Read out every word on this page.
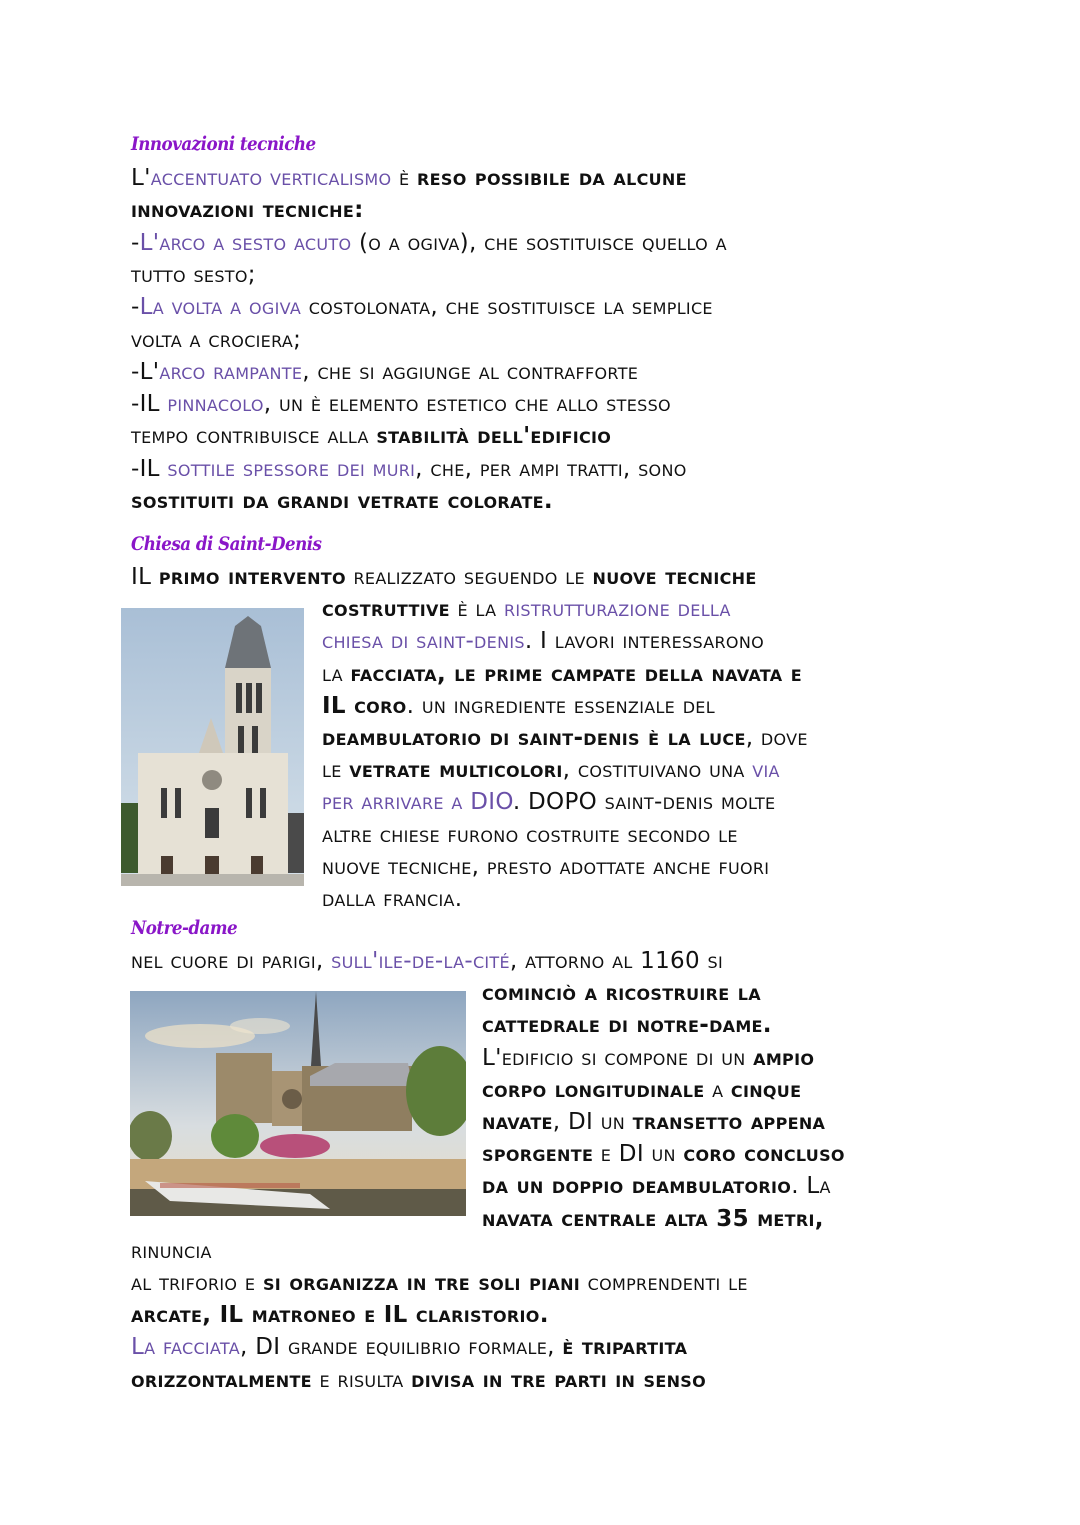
Innovazioni tecniche
Chiesa di Saint-Denis
Notre-dame
L'accentuato verticalismo è reso possibile da alcune
innovazioni tecniche:
-L'arco a sesto acuto (o a ogiva), che sostituisce quello a
tutto sesto;
-La volta a ogiva costolonata, che sostituisce la semplice
volta a crociera;
-L'arco rampante, che si aggiunge al contrafforte
-IL pinnacolo, un è elemento estetico che allo stesso
tempo contribuisce alla stabilità dell'edificio
-IL sottile spessore dei muri, che, per ampi tratti, sono
sostituiti da grandi vetrate colorate.
IL primo intervento realizzato seguendo le nuove tecniche
costruttive è la ristrutturazione della
chiesa di saint-denis. I lavori interessarono
la facciata, le prime campate della navata e
IL coro. un ingrediente essenziale del
deambulatorio di saint-denis è la luce, dove
le vetrate multicolori, costituivano una via
per arrivare a DIO. DOPO saint-denis molte
altre chiese furono costruite secondo le
nuove tecniche, presto adottate anche fuori
dalla francia.
nel cuore di parigi, sull'ile-de-la-cité, attorno al 1160 si
cominciò a ricostruire la
cattedrale di notre-dame.
L'edificio si compone di un ampio
corpo longitudinale a cinque
navate, DI un transetto appena
sporgente e DI un coro concluso
da un doppio deambulatorio. La
navata centrale alta 35 metri,
rinuncia
al triforio e si organizza in tre soli piani comprendenti le
arcate, IL matroneo e IL claristorio.
La facciata, DI grande equilibrio formale, è tripartita
orizzontalmente e risulta divisa in tre parti in senso
